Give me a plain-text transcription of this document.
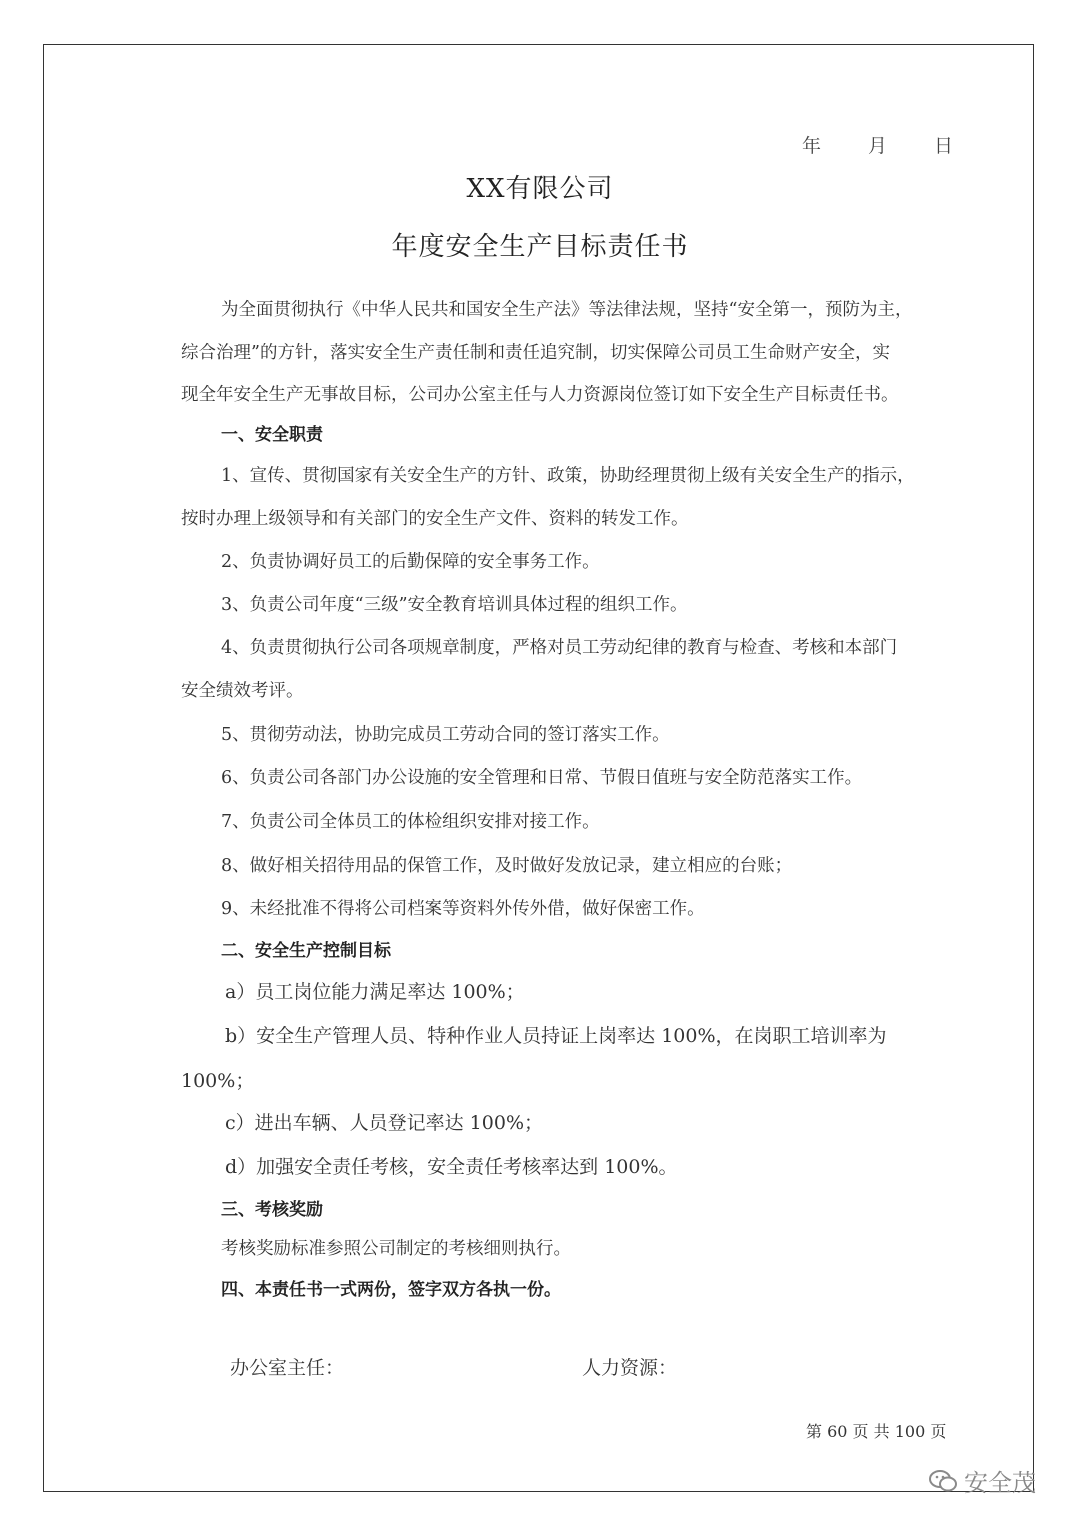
年 月 日
XX有限公司
年度安全生产目标责任书
为全面贯彻执行《中华人民共和国安全生产法》等法律法规，坚持“安全第一，预防为主，
综合治理”的方针，落实安全生产责任制和责任追究制，切实保障公司员工生命财产安全，实
现全年安全生产无事故目标，公司办公室主任与人力资源岗位签订如下安全生产目标责任书。
一、安全职责
1、宣传、贯彻国家有关安全生产的方针、政策，协助经理贯彻上级有关安全生产的指示，
按时办理上级领导和有关部门的安全生产文件、资料的转发工作。
2、负责协调好员工的后勤保障的安全事务工作。
3、负责公司年度“三级”安全教育培训具体过程的组织工作。
4、负责贯彻执行公司各项规章制度，严格对员工劳动纪律的教育与检查、考核和本部门
安全绩效考评。
5、贯彻劳动法，协助完成员工劳动合同的签订落实工作。
6、负责公司各部门办公设施的安全管理和日常、节假日值班与安全防范落实工作。
7、负责公司全体员工的体检组织安排对接工作。
8、做好相关招待用品的保管工作，及时做好发放记录，建立相应的台账；
9、未经批准不得将公司档案等资料外传外借，做好保密工作。
二、安全生产控制目标
a）员工岗位能力满足率达 100%；
b）安全生产管理人员、特种作业人员持证上岗率达 100%，在岗职工培训率为
100%；
c）进出车辆、人员登记率达 100%；
d）加强安全责任考核，安全责任考核率达到 100%。
三、考核奖励
考核奖励标准参照公司制定的考核细则执行。
四、本责任书一式两份，签字双方各执一份。
办公室主任：	人力资源：
第 60 页 共 100 页
安全茂
